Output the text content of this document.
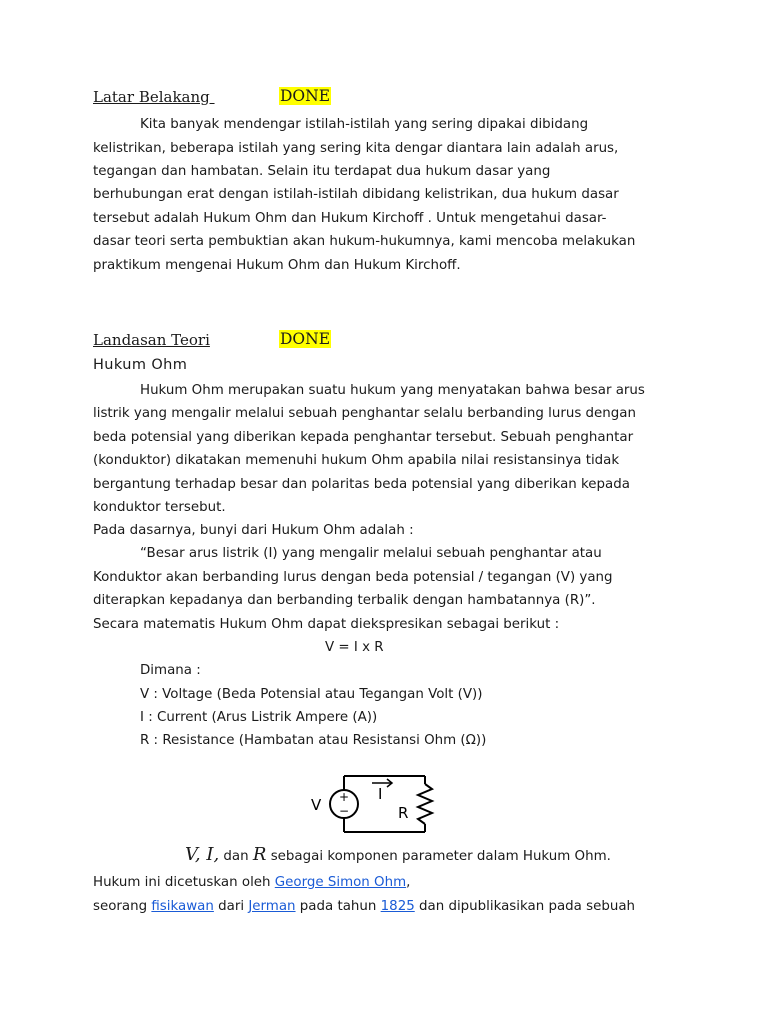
Latar Belakang	DONE
Kita banyak mendengar istilah-istilah yang sering dipakai dibidang
kelistrikan, beberapa istilah yang sering kita dengar diantara lain adalah arus,
tegangan dan hambatan. Selain itu terdapat dua hukum dasar yang
berhubungan erat dengan istilah-istilah dibidang kelistrikan, dua hukum dasar
tersebut adalah Hukum Ohm dan Hukum Kirchoff . Untuk mengetahui dasar-
dasar teori serta pembuktian akan hukum-hukumnya, kami mencoba melakukan
praktikum mengenai Hukum Ohm dan Hukum Kirchoff.
Landasan Teori	DONE
Hukum Ohm
Hukum Ohm merupakan suatu hukum yang menyatakan bahwa besar arus
listrik yang mengalir melalui sebuah penghantar selalu berbanding lurus dengan
beda potensial yang diberikan kepada penghantar tersebut. Sebuah penghantar
(konduktor) dikatakan memenuhi hukum Ohm apabila nilai resistansinya tidak
bergantung terhadap besar dan polaritas beda potensial yang diberikan kepada
konduktor tersebut.
Pada dasarnya, bunyi dari Hukum Ohm adalah :
“Besar arus listrik (I) yang mengalir melalui sebuah penghantar atau
Konduktor akan berbanding lurus dengan beda potensial / tegangan (V) yang
diterapkan kepadanya dan berbanding terbalik dengan hambatannya (R)”.
Secara matematis Hukum Ohm dapat diekspresikan sebagai berikut :
V = I x R
Dimana :
V : Voltage (Beda Potensial atau Tegangan Volt (V))
I : Current (Arus Listrik Ampere (A))
R : Resistance (Hambatan atau Resistansi Ohm (Ω))
+
−
V
I
R
V, I, dan R sebagai komponen parameter dalam Hukum Ohm.
Hukum ini dicetuskan oleh George Simon Ohm,
seorang fisikawan dari Jerman pada tahun 1825 dan dipublikasikan pada sebuah
